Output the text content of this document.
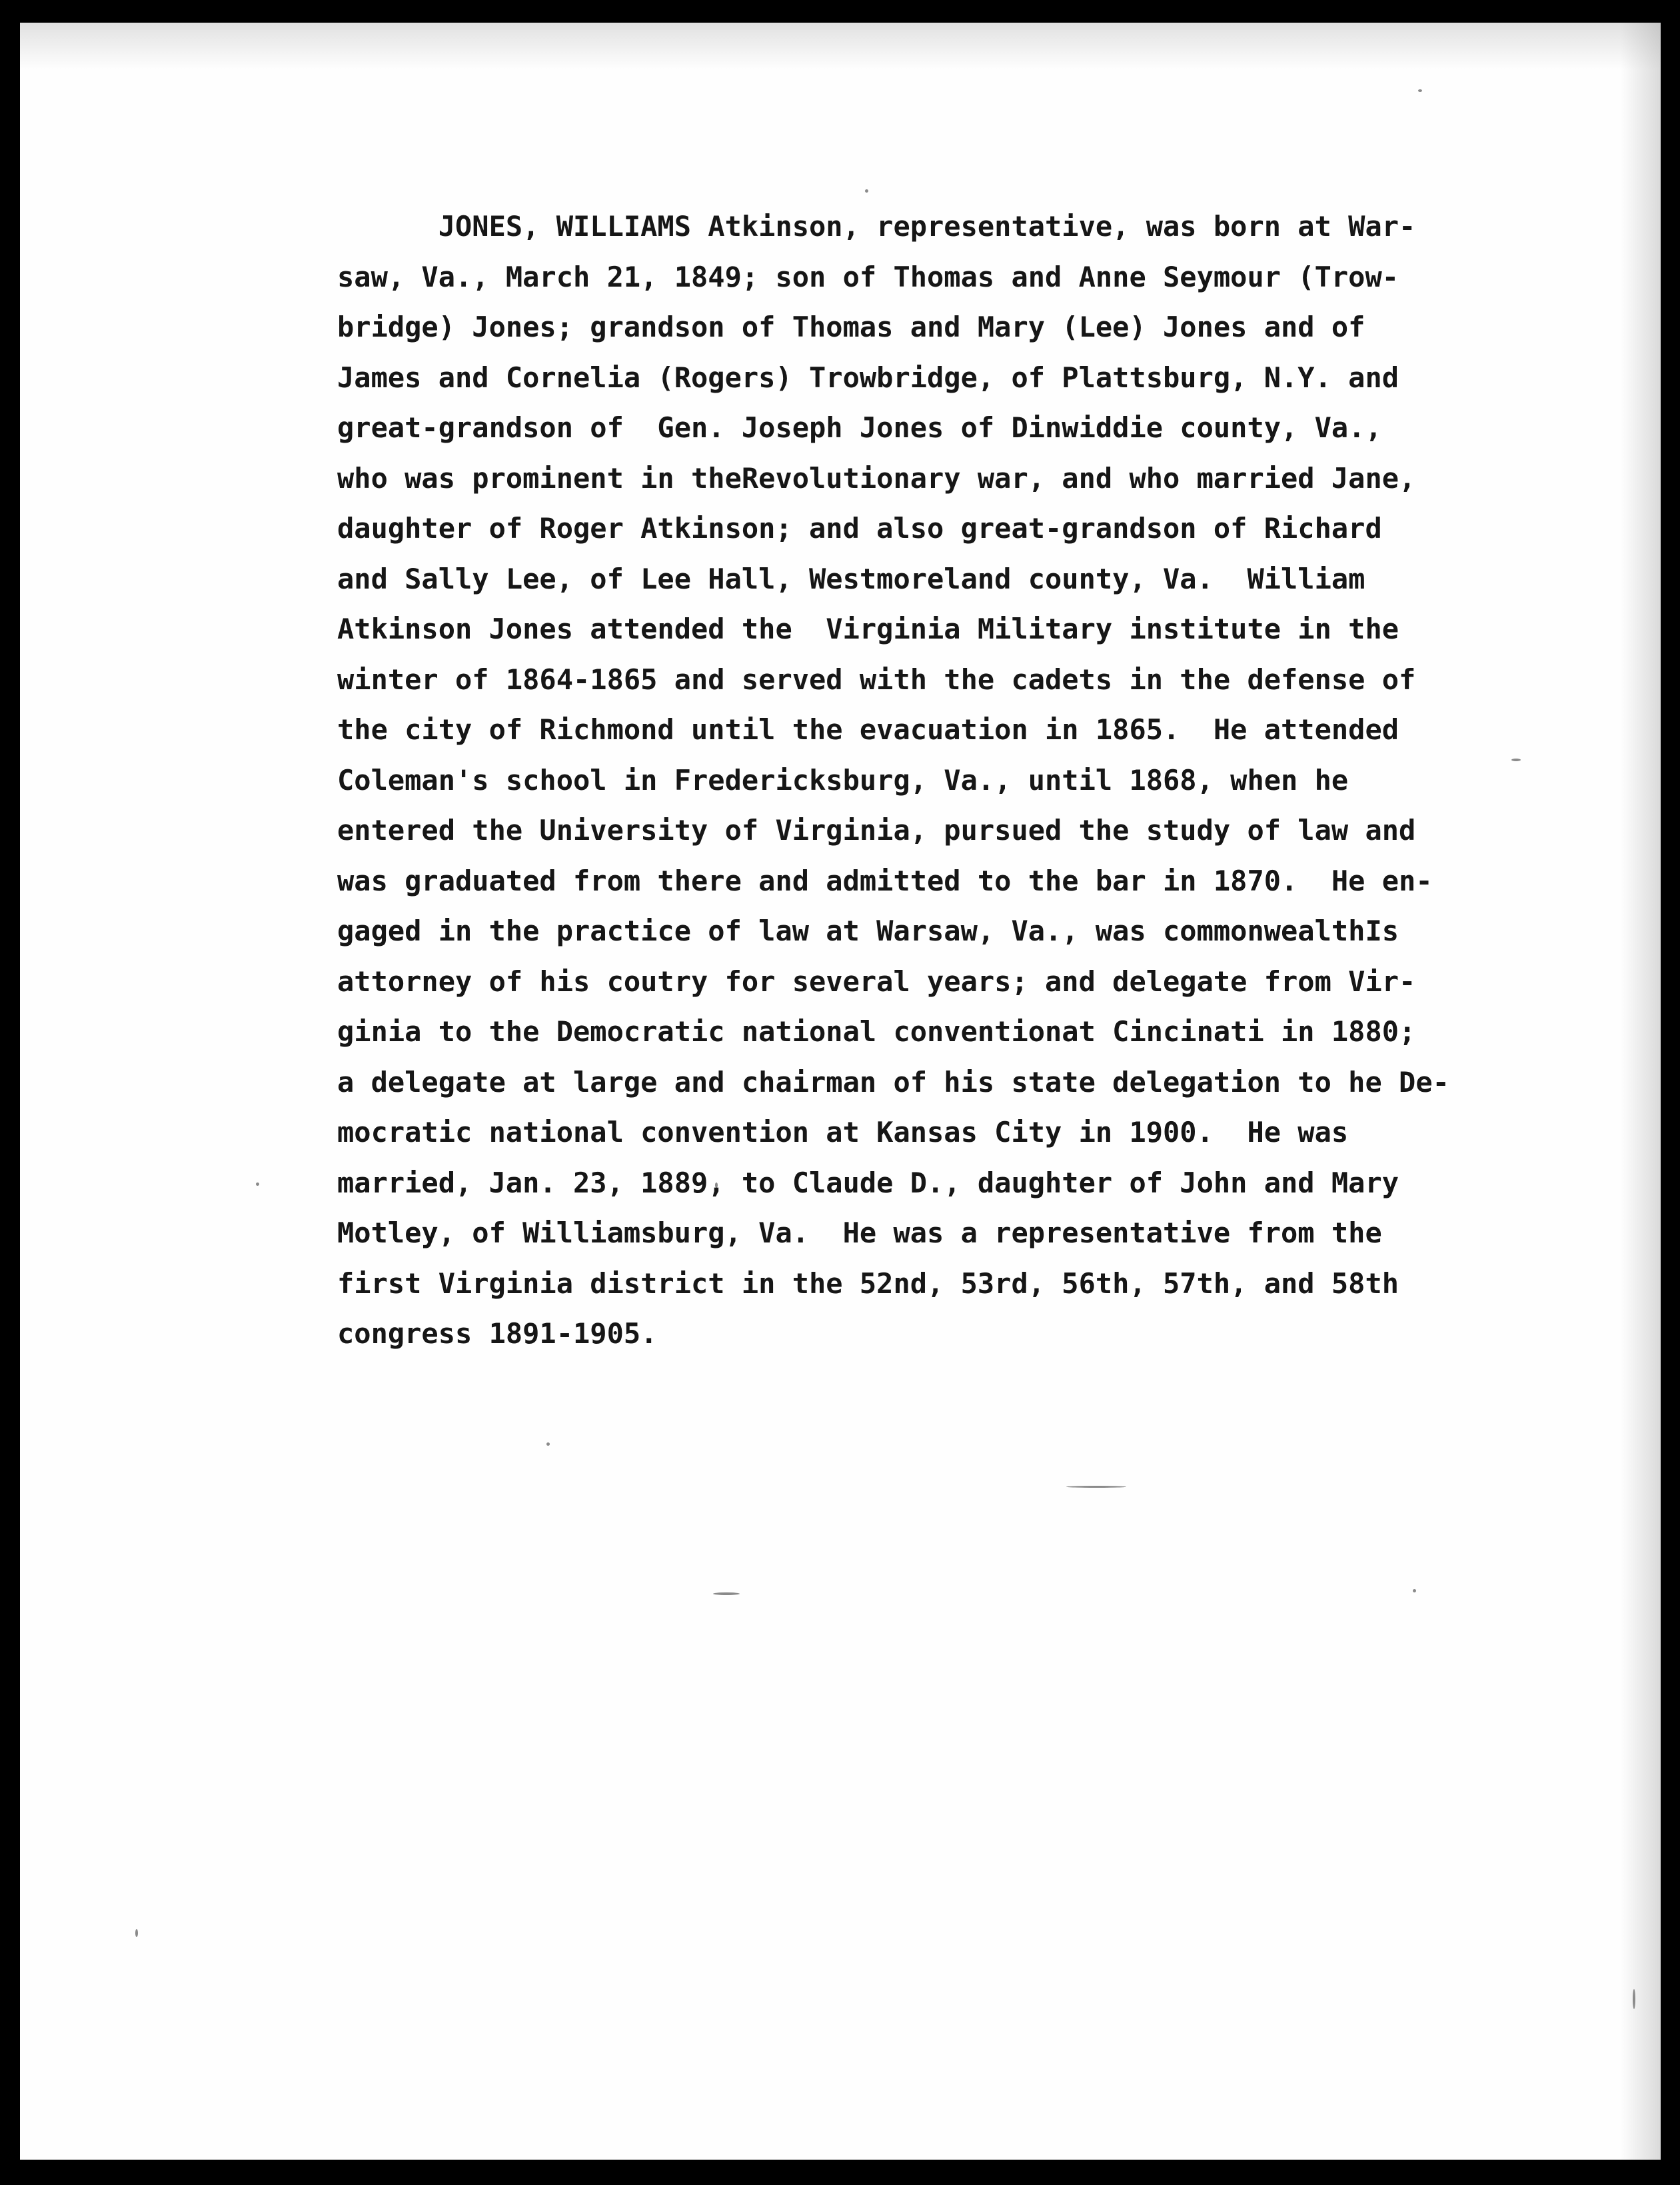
JONES, WILLIAMS Atkinson, representative, was born at War-
saw, Va., March 21, 1849; son of Thomas and Anne Seymour (Trow-
bridge) Jones; grandson of Thomas and Mary (Lee) Jones and of
James and Cornelia (Rogers) Trowbridge, of Plattsburg, N.Y. and
great-grandson of  Gen. Joseph Jones of Dinwiddie county, Va.,
who was prominent in theRevolutionary war, and who married Jane,
daughter of Roger Atkinson; and also great-grandson of Richard
and Sally Lee, of Lee Hall, Westmoreland county, Va.  William
Atkinson Jones attended the  Virginia Military institute in the
winter of 1864-1865 and served with the cadets in the defense of
the city of Richmond until the evacuation in 1865.  He attended
Coleman's school in Fredericksburg, Va., until 1868, when he
entered the University of Virginia, pursued the study of law and
was graduated from there and admitted to the bar in 1870.  He en-
gaged in the practice of law at Warsaw, Va., was commonwealthIs
attorney of his coutry for several years; and delegate from Vir-
ginia to the Democratic national conventionat Cincinati in 1880;
a delegate at large and chairman of his state delegation to he De-
mocratic national convention at Kansas City in 1900.  He was
married, Jan. 23, 1889, to Claude D., daughter of John and Mary
Motley, of Williamsburg, Va.  He was a representative from the
first Virginia district in the 52nd, 53rd, 56th, 57th, and 58th
congress 1891-1905.
